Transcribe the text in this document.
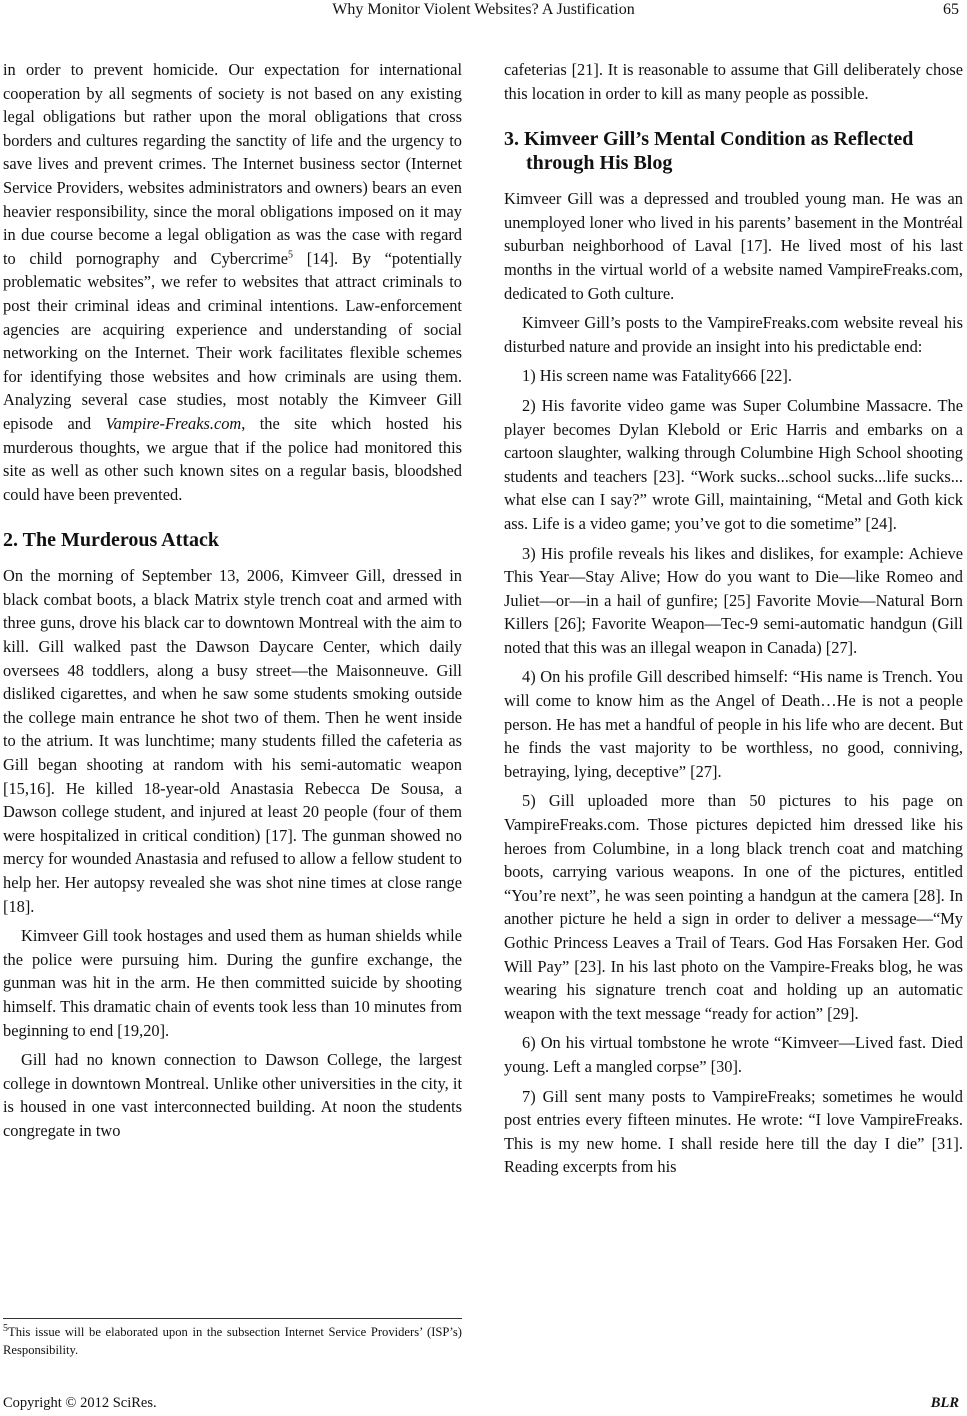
Why Monitor Violent Websites? A Justification	65

in order to prevent homicide. Our expectation for international cooperation by all segments of society is not based on any existing legal obligations but rather upon the moral obligations that cross borders and cultures regarding the sanctity of life and the urgency to save lives and prevent crimes. The Internet business sector (Internet Service Providers, websites administrators and owners) bears an even heavier responsibility, since the moral obligations imposed on it may in due course become a legal obligation as was the case with regard to child pornography and Cybercrime$^5$ [14]. By “potentially problematic websites”, we refer to websites that attract criminals to post their criminal ideas and criminal intentions. Law-enforcement agencies are acquiring experience and understanding of social networking on the Internet. Their work facilitates flexible schemes for identifying those websites and how criminals are using them. Analyzing several case studies, most notably the Kimveer Gill episode and Vampire-Freaks.com, the site which hosted his murderous thoughts, we argue that if the police had monitored this site as well as other such known sites on a regular basis, bloodshed could have been prevented.

2. The Murderous Attack

On the morning of September 13, 2006, Kimveer Gill, dressed in black combat boots, a black Matrix style trench coat and armed with three guns, drove his black car to downtown Montreal with the aim to kill. Gill walked past the Dawson Daycare Center, which daily oversees 48 toddlers, along a busy street—the Maisonneuve. Gill disliked cigarettes, and when he saw some students smoking outside the college main entrance he shot two of them. Then he went inside to the atrium. It was lunchtime; many students filled the cafeteria as Gill began shooting at random with his semi-automatic weapon [15,16]. He killed 18-year-old Anastasia Rebecca De Sousa, a Dawson college student, and injured at least 20 people (four of them were hospitalized in critical condition) [17]. The gunman showed no mercy for wounded Anastasia and refused to allow a fellow student to help her. Her autopsy revealed she was shot nine times at close range [18].

Kimveer Gill took hostages and used them as human shields while the police were pursuing him. During the gunfire exchange, the gunman was hit in the arm. He then committed suicide by shooting himself. This dramatic chain of events took less than 10 minutes from beginning to end [19,20].

Gill had no known connection to Dawson College, the largest college in downtown Montreal. Unlike other universities in the city, it is housed in one vast interconnected building. At noon the students congregate in two

cafeterias [21]. It is reasonable to assume that Gill deliberately chose this location in order to kill as many people as possible.

3. Kimveer Gill’s Mental Condition as Reflected through His Blog

Kimveer Gill was a depressed and troubled young man. He was an unemployed loner who lived in his parents’ basement in the Montréal suburban neighborhood of Laval [17]. He lived most of his last months in the virtual world of a website named VampireFreaks.com, dedicated to Goth culture.

Kimveer Gill’s posts to the VampireFreaks.com website reveal his disturbed nature and provide an insight into his predictable end:

1) His screen name was Fatality666 [22].

2) His favorite video game was Super Columbine Massacre. The player becomes Dylan Klebold or Eric Harris and embarks on a cartoon slaughter, walking through Columbine High School shooting students and teachers [23]. “Work sucks...school sucks...life sucks... what else can I say?” wrote Gill, maintaining, “Metal and Goth kick ass. Life is a video game; you’ve got to die sometime” [24].

3) His profile reveals his likes and dislikes, for example: Achieve This Year—Stay Alive; How do you want to Die—like Romeo and Juliet—or—in a hail of gunfire; [25] Favorite Movie—Natural Born Killers [26]; Favorite Weapon—Tec-9 semi-automatic handgun (Gill noted that this was an illegal weapon in Canada) [27].

4) On his profile Gill described himself: “His name is Trench. You will come to know him as the Angel of Death…He is not a people person. He has met a handful of people in his life who are decent. But he finds the vast majority to be worthless, no good, conniving, betraying, lying, deceptive” [27].

5) Gill uploaded more than 50 pictures to his page on VampireFreaks.com. Those pictures depicted him dressed like his heroes from Columbine, in a long black trench coat and matching boots, carrying various weapons. In one of the pictures, entitled “You’re next”, he was seen pointing a handgun at the camera [28]. In another picture he held a sign in order to deliver a message—“My Gothic Princess Leaves a Trail of Tears. God Has Forsaken Her. God Will Pay” [23]. In his last photo on the Vampire-Freaks blog, he was wearing his signature trench coat and holding up an automatic weapon with the text message “ready for action” [29].

6) On his virtual tombstone he wrote “Kimveer—Lived fast. Died young. Left a mangled corpse” [30].

7) Gill sent many posts to VampireFreaks; sometimes he would post entries every fifteen minutes. He wrote: “I love VampireFreaks. This is my new home. I shall reside here till the day I die” [31]. Reading excerpts from his

$^5$This issue will be elaborated upon in the subsection Internet Service Providers’ (ISP’s) Responsibility.
Copyright © 2012 SciRes.	BLR
